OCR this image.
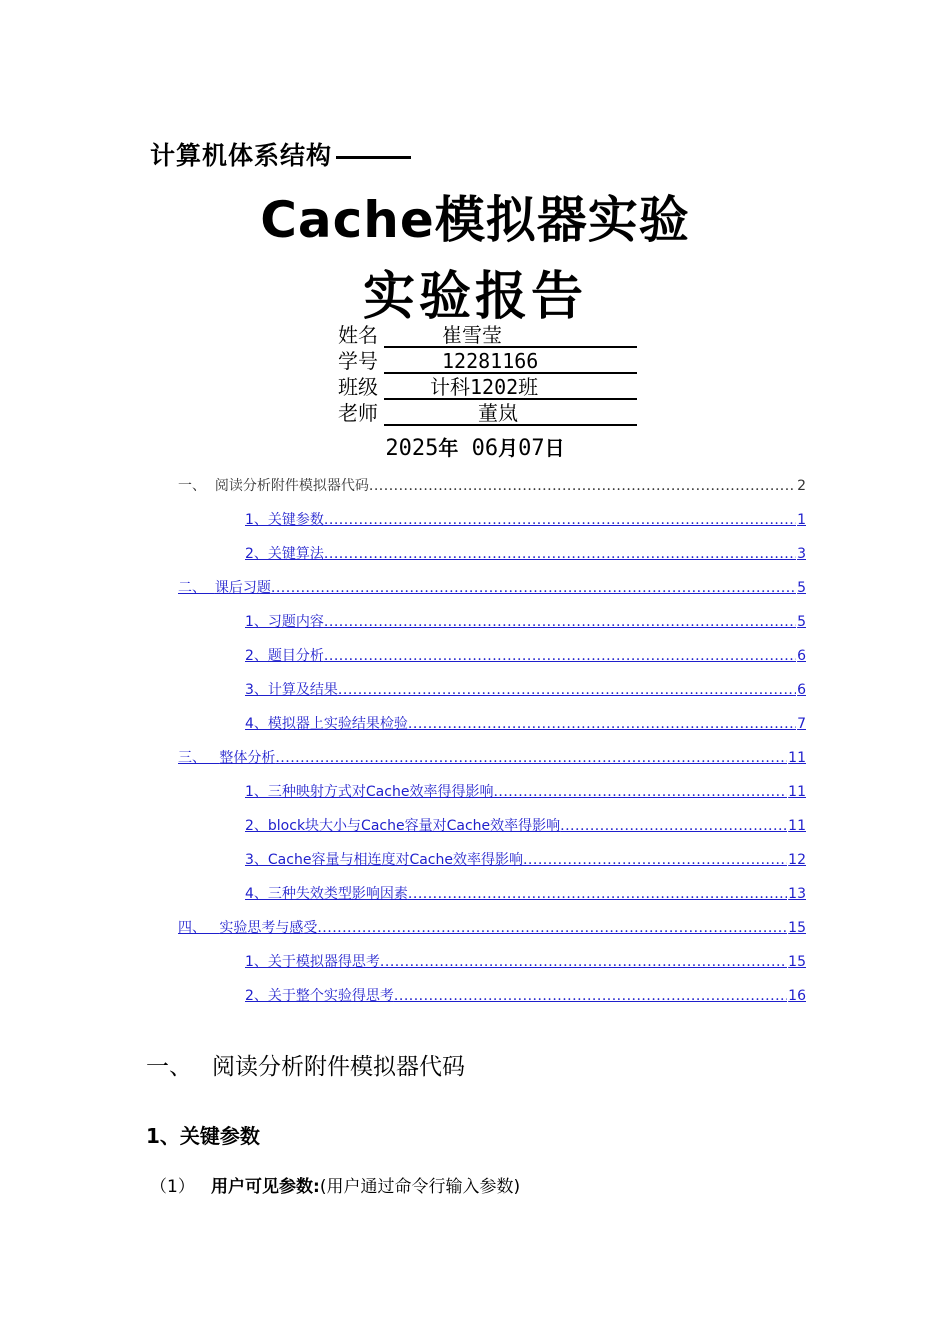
计算机体系结构
Cache模拟器实验
实验报告
姓名	崔雪莹
学号	12281166
班级	计科1202班
老师	董岚
2025年 06月07日
一、 阅读分析附件模拟器代码 .....	2
1、关键参数 .....	1
2、关键算法 .....	3
二、 课后习题 .....	5
1、习题内容 .....	5
2、题目分析 .....	6
3、计算及结果 .....	6
4、模拟器上实验结果检验 .....	7
三、 整体分析 .....	11
1、三种映射方式对Cache效率得得影响 .....	11
2、block块大小与Cache容量对Cache效率得影响 .....	11
3、Cache容量与相连度对Cache效率得影响 .....	12
4、三种失效类型影响因素 .....	13
四、 实验思考与感受 .....	15
1、关于模拟器得思考 .....	15
2、关于整个实验得思考 .....	16
一、 阅读分析附件模拟器代码
1、关键参数
（1） 用户可见参数:(用户通过命令行输入参数)
